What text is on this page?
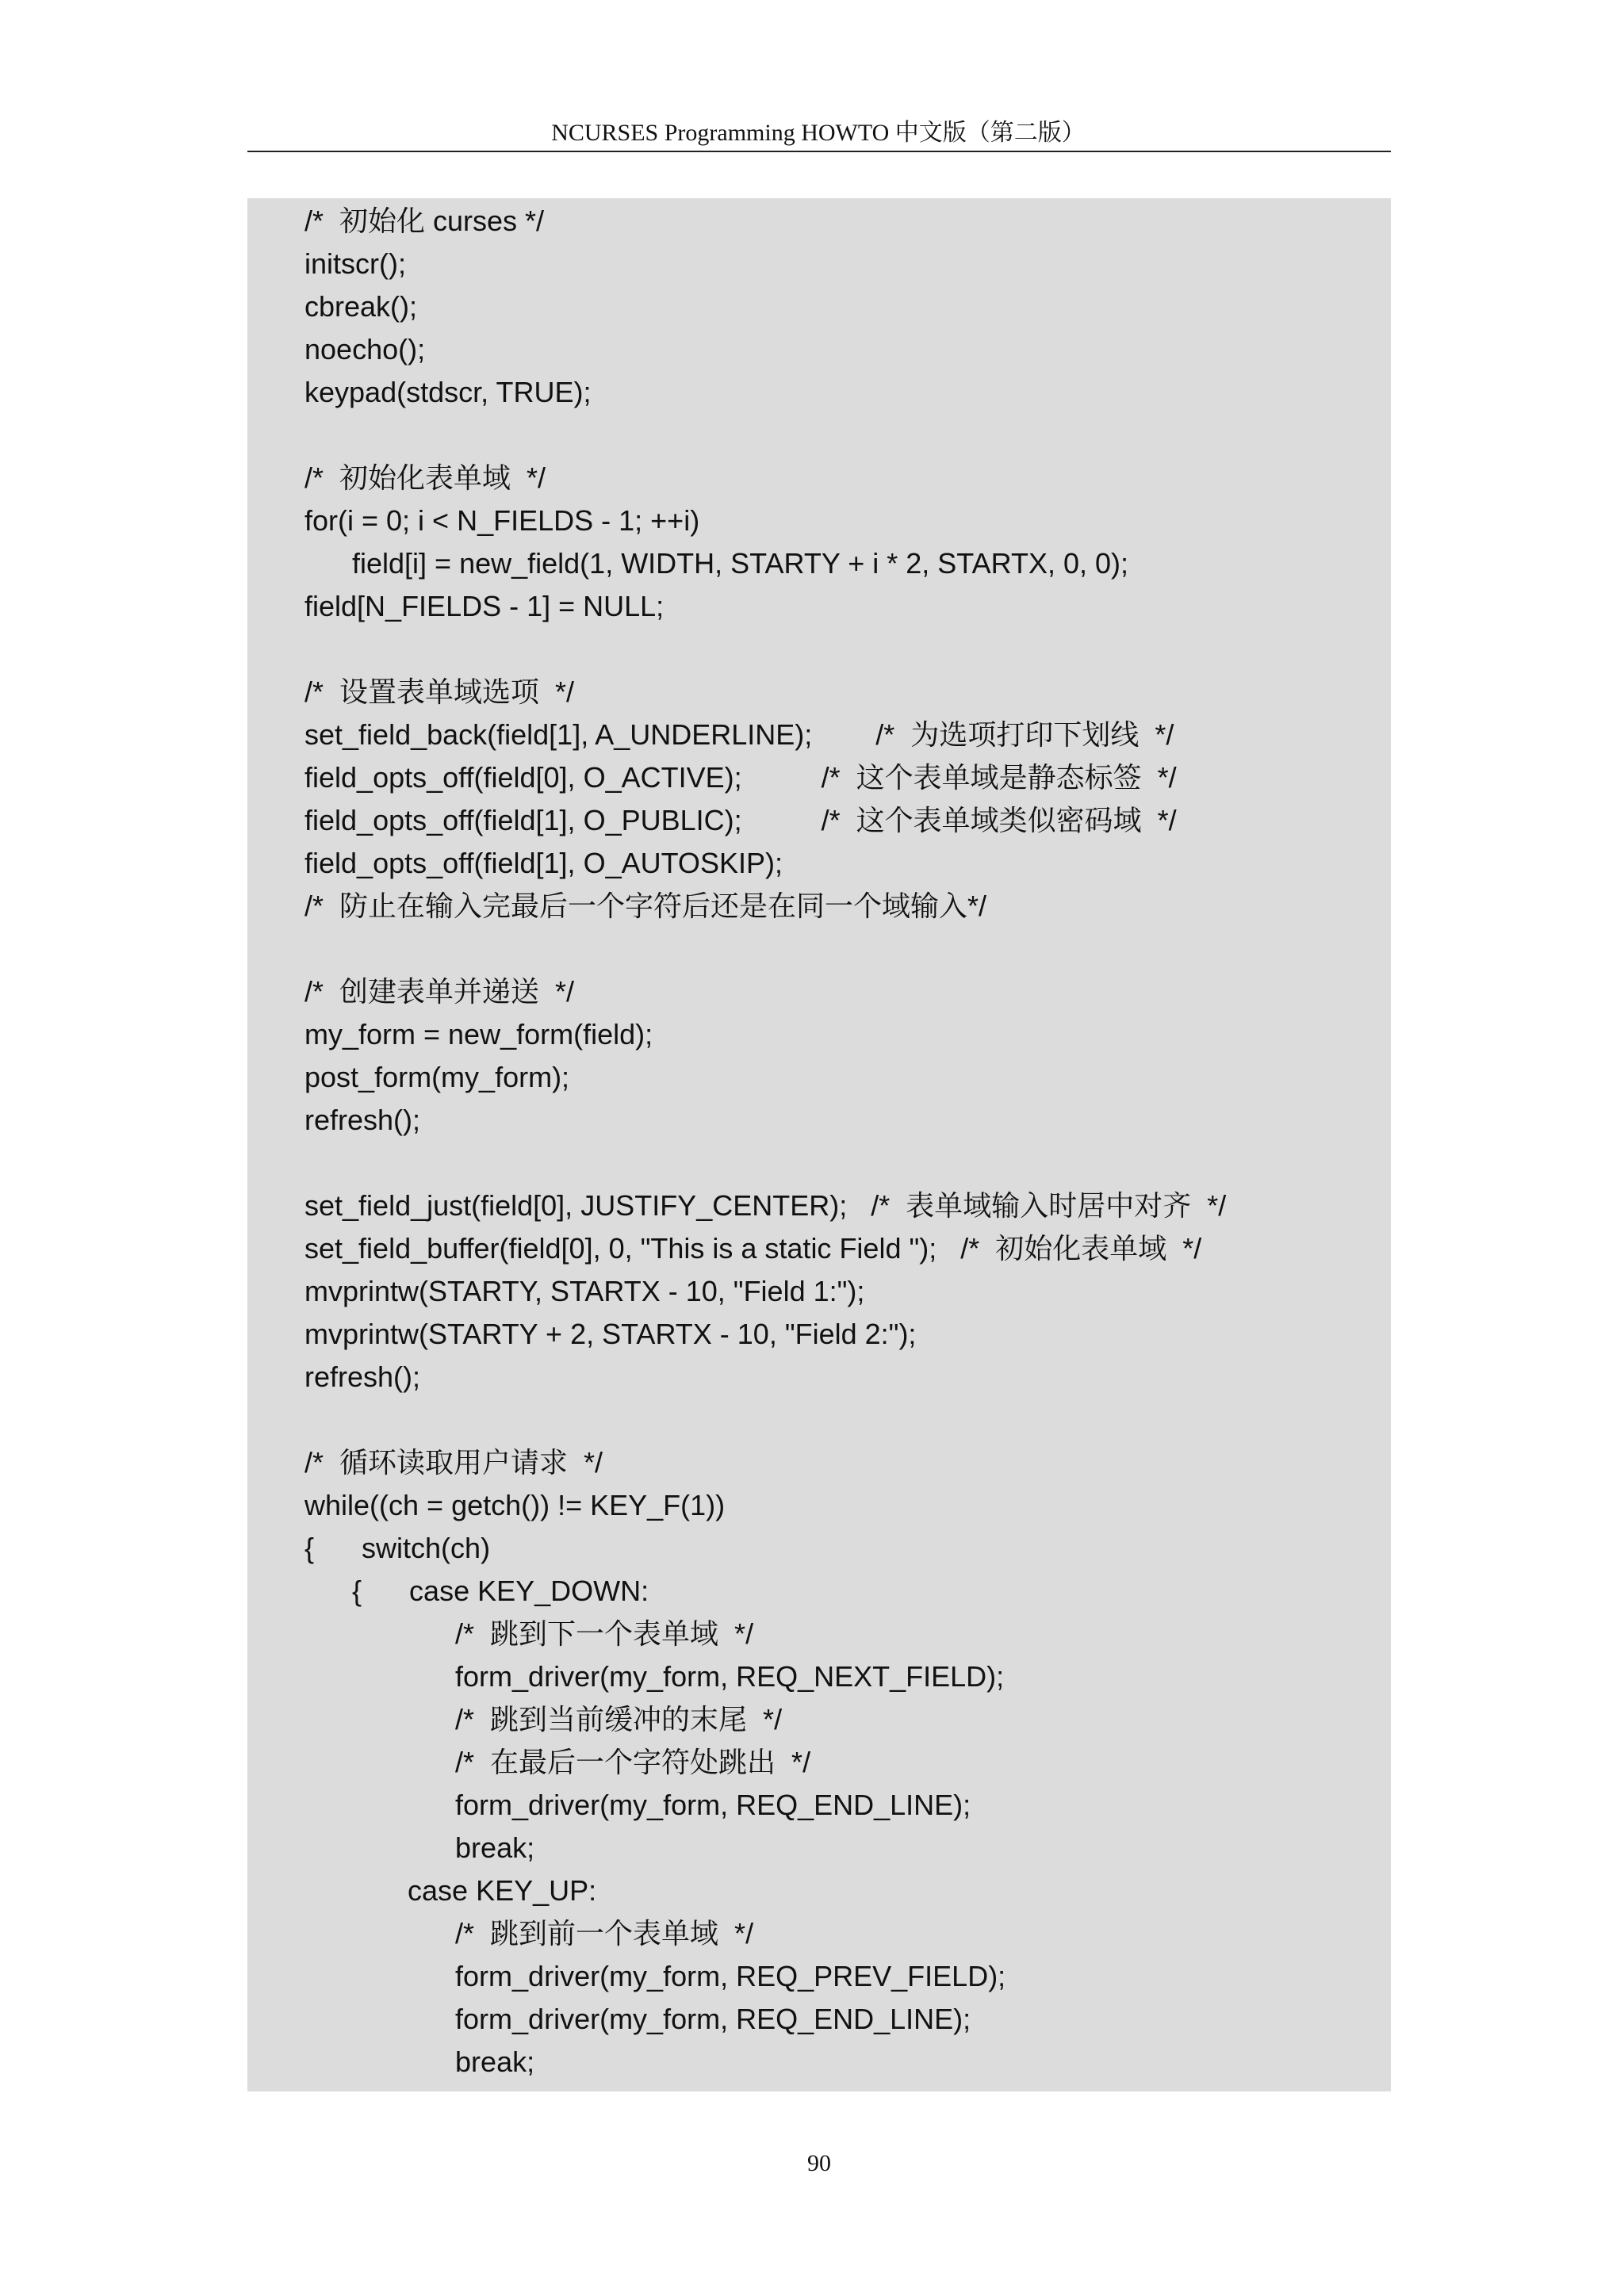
NCURSES Programming HOWTO 中文版（第二版）
/*  初始化 curses */
initscr();
cbreak();
noecho();
keypad(stdscr, TRUE);
/*  初始化表单域  */
for(i = 0; i < N_FIELDS - 1; ++i)
field[i] = new_field(1, WIDTH, STARTY + i * 2, STARTX, 0, 0);
field[N_FIELDS - 1] = NULL;
/*  设置表单域选项  */
set_field_back(field[1], A_UNDERLINE);        /*  为选项打印下划线  */
field_opts_off(field[0], O_ACTIVE);          /*  这个表单域是静态标签  */
field_opts_off(field[1], O_PUBLIC);          /*  这个表单域类似密码域  */
field_opts_off(field[1], O_AUTOSKIP);
/*  防止在输入完最后一个字符后还是在同一个域输入*/
/*  创建表单并递送  */
my_form = new_form(field);
post_form(my_form);
refresh();
set_field_just(field[0], JUSTIFY_CENTER);   /*  表单域输入时居中对齐  */
set_field_buffer(field[0], 0, "This is a static Field ");   /*  初始化表单域  */
mvprintw(STARTY, STARTX - 10, "Field 1:");
mvprintw(STARTY + 2, STARTX - 10, "Field 2:");
refresh();
/*  循环读取用户请求  */
while((ch = getch()) != KEY_F(1))
{      switch(ch)
{      case KEY_DOWN:
/*  跳到下一个表单域  */
form_driver(my_form, REQ_NEXT_FIELD);
/*  跳到当前缓冲的末尾  */
/*  在最后一个字符处跳出  */
form_driver(my_form, REQ_END_LINE);
break;
case KEY_UP:
/*  跳到前一个表单域  */
form_driver(my_form, REQ_PREV_FIELD);
form_driver(my_form, REQ_END_LINE);
break;
90
